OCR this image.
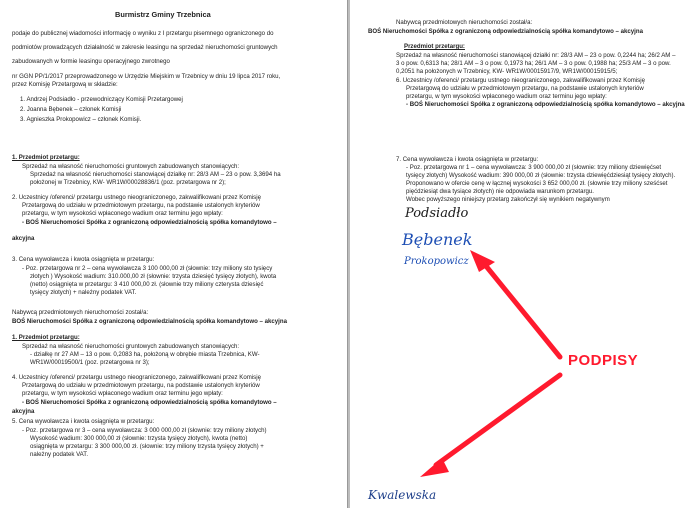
Burmistrz Gminy Trzebnica
podaje do publicznej wiadomości informację o wyniku z I przetargu pisemnego ograniczonego do
podmiotów prowadzących działalność w zakresie leasingu na sprzedaż nieruchomości gruntowych
zabudowanych w formie leasingu operacyjnego zwrotnego
nr GGN PP/1/2017 przeprowadzonego w Urzędzie Miejskim w Trzebnicy w dniu 19 lipca 2017 roku,
przez Komisję Przetargową w składzie:
1. Andrzej Podsiadło - przewodniczący Komisji Przetargowej
2. Joanna Bębenek – członek Komisji
3. Agnieszka Prokopowicz – członek Komisji.
1. Przedmiot przetargu:
Sprzedaż na własność nieruchomości gruntowych zabudowanych stanowiących:
Sprzedaż na własność nieruchomości stanowiącej działkę nr: 28/3 AM – 23 o pow. 3,3694 ha
położonej w Trzebnicy, KW- WR1W/00028836/1 (poz. przetargowa nr 2);
2. Uczestnicy /oferenci/ przetargu ustnego nieograniczonego, zakwalifikowani przez Komisję
Przetargową do udziału w przedmiotowym przetargu, na podstawie ustalonych kryteriów
przetargu, w tym wysokości wpłaconego wadium oraz terminu jego wpłaty:
- BOŚ Nieruchomości Spółka z ograniczoną odpowiedzialnością spółka komandytowo –
akcyjna
3. Cena wywoławcza i kwota osiągnięta w przetargu:
- Poz. przetargowa nr 2 – cena wywoławcza 3 100 000,00 zł (słownie: trzy miliony sto tysięcy
złotych ) Wysokość wadium: 310.000,00 zł (słownie: trzysta dziesięć tysięcy złotych), kwota
(netto) osiągnięta w przetargu: 3 410 000,00 zł. (słownie trzy miliony czterysta dziesięć
tysięcy złotych) + należny podatek VAT.
Nabywcą przedmiotowych nieruchomości został/a:
BOŚ Nieruchomości Spółka z ograniczoną odpowiedzialnością spółka komandytowo – akcyjna
1. Przedmiot przetargu:
Sprzedaż na własność nieruchomości gruntowych zabudowanych stanowiących:
- działkę nr 27 AM – 13 o pow. 0,2083 ha, położoną w obrębie miasta Trzebnica, KW-
WR1W/00019500/1 (poz. przetargowa nr 3);
4. Uczestnicy /oferenci/ przetargu ustnego nieograniczonego, zakwalifikowani przez Komisję
Przetargową do udziału w przedmiotowym przetargu, na podstawie ustalonych kryteriów
przetargu, w tym wysokości wpłaconego wadium oraz terminu jego wpłaty:
- BOŚ Nieruchomości Spółka z ograniczoną odpowiedzialnością spółka komandytowo –
akcyjna
5. Cena wywoławcza i kwota osiągnięta w przetargu:
- Poz. przetargowa nr 3 – cena wywoławcza: 3 000 000,00 zł (słownie: trzy miliony złotych)
Wysokość wadium: 300 000,00 zł (słownie: trzysta tysięcy złotych), kwota (netto)
osiągnięta w przetargu: 3 300 000,00 zł. (słownie: trzy miliony trzysta tysięcy złotych) +
należny podatek VAT.
Nabywcą przedmiotowych nieruchomości został/a:
BOŚ Nieruchomości Spółka z ograniczoną odpowiedzialnością spółka komandytowo – akcyjna
Przedmiot przetargu:
Sprzedaż na własność nieruchomości stanowiącej działki nr: 28/3 AM – 23 o pow. 0,2244 ha; 26/2 AM –
3 o pow. 0,6313 ha; 28/1 AM – 3 o pow. 0,1973 ha; 26/1 AM – 3 o pow. 0,1988 ha; 25/3 AM – 3 o pow.
0,2051 ha położonych w Trzebnicy, KW- WR1W/00015917/9, WR1W/00015915/5;
6. Uczestnicy /oferenci/ przetargu ustnego nieograniczonego, zakwalifikowani przez Komisję
Przetargową do udziału w przedmiotowym przetargu, na podstawie ustalonych kryteriów
przetargu, w tym wysokości wpłaconego wadium oraz terminu jego wpłaty:
- BOŚ Nieruchomości Spółka z ograniczoną odpowiedzialnością spółka komandytowo – akcyjna
7. Cena wywoławcza i kwota osiągnięta w przetargu:
- Poz. przetargowa nr 1 – cena wywoławcza: 3 900 000,00 zł (słownie: trzy miliony dziewięćset
tysięcy złotych) Wysokość wadium: 390 000,00 zł (słownie: trzysta dziewięćdziesiąt tysięcy złotych).
Proponowano w ofercie cenę w łącznej wysokości 3 652 000,00 zł. (słownie trzy miliony sześćset
pięćdziesiąt dwa tysiące złotych) nie odpowiada warunkom przetargu.
Wobec powyższego niniejszy przetarg zakończył się wynikiem negatywnym
Podsiadło
Bębenek
Prokopowicz
Kwalewska
PODPISY
